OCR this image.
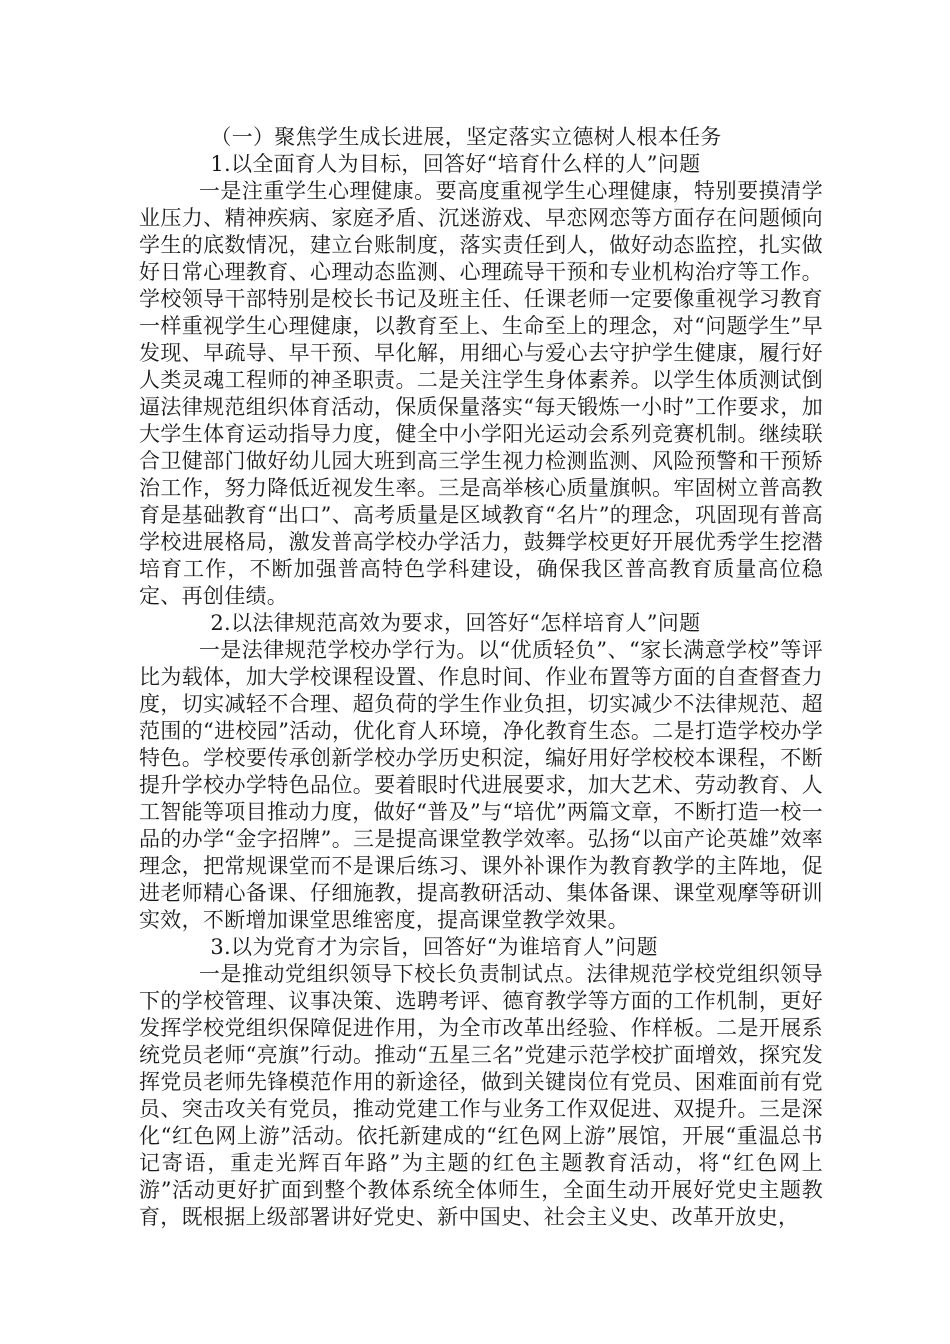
（一）聚焦学生成长进展，坚定落实立德树人根本任务

1.以全面育人为目标，回答好“培育什么样的人”问题

一是注重学生心理健康。要高度重视学生心理健康，特别要摸清学业压力、精神疾病、家庭矛盾、沉迷游戏、早恋网恋等方面存在问题倾向学生的底数情况，建立台账制度，落实责任到人，做好动态监控，扎实做好日常心理教育、心理动态监测、心理疏导干预和专业机构治疗等工作。学校领导干部特别是校长书记及班主任、任课老师一定要像重视学习教育一样重视学生心理健康，以教育至上、生命至上的理念，对“问题学生”早发现、早疏导、早干预、早化解，用细心与爱心去守护学生健康，履行好人类灵魂工程师的神圣职责。二是关注学生身体素养。以学生体质测试倒逼法律规范组织体育活动，保质保量落实“每天锻炼一小时”工作要求，加大学生体育运动指导力度，健全中小学阳光运动会系列竞赛机制。继续联合卫健部门做好幼儿园大班到高三学生视力检测监测、风险预警和干预矫治工作，努力降低近视发生率。三是高举核心质量旗帜。牢固树立普高教育是基础教育“出口”、高考质量是区域教育“名片”的理念，巩固现有普高学校进展格局，激发普高学校办学活力，鼓舞学校更好开展优秀学生挖潜培育工作，不断加强普高特色学科建设，确保我区普高教育质量高位稳定、再创佳绩。

2.以法律规范高效为要求，回答好“怎样培育人”问题

一是法律规范学校办学行为。以“优质轻负”、“家长满意学校”等评比为载体，加大学校课程设置、作息时间、作业布置等方面的自查督查力度，切实减轻不合理、超负荷的学生作业负担，切实减少不法律规范、超范围的“进校园”活动，优化育人环境，净化教育生态。二是打造学校办学特色。学校要传承创新学校办学历史积淀，编好用好学校校本课程，不断提升学校办学特色品位。要着眼时代进展要求，加大艺术、劳动教育、人工智能等项目推动力度，做好“普及”与“培优”两篇文章，不断打造一校一品的办学“金字招牌”。三是提高课堂教学效率。弘扬“以亩产论英雄”效率理念，把常规课堂而不是课后练习、课外补课作为教育教学的主阵地，促进老师精心备课、仔细施教，提高教研活动、集体备课、课堂观摩等研训实效，不断增加课堂思维密度，提高课堂教学效果。

3.以为党育才为宗旨，回答好“为谁培育人”问题

一是推动党组织领导下校长负责制试点。法律规范学校党组织领导下的学校管理、议事决策、选聘考评、德育教学等方面的工作机制，更好发挥学校党组织保障促进作用，为全市改革出经验、作样板。二是开展系统党员老师“亮旗”行动。推动“五星三名”党建示范学校扩面增效，探究发挥党员老师先锋模范作用的新途径，做到关键岗位有党员、困难面前有党员、突击攻关有党员，推动党建工作与业务工作双促进、双提升。三是深化“红色网上游”活动。依托新建成的“红色网上游”展馆，开展“重温总书记寄语，重走光辉百年路”为主题的红色主题教育活动，将“红色网上游”活动更好扩面到整个教体系统全体师生，全面生动开展好党史主题教育，既根据上级部署讲好党史、新中国史、社会主义史、改革开放史，
